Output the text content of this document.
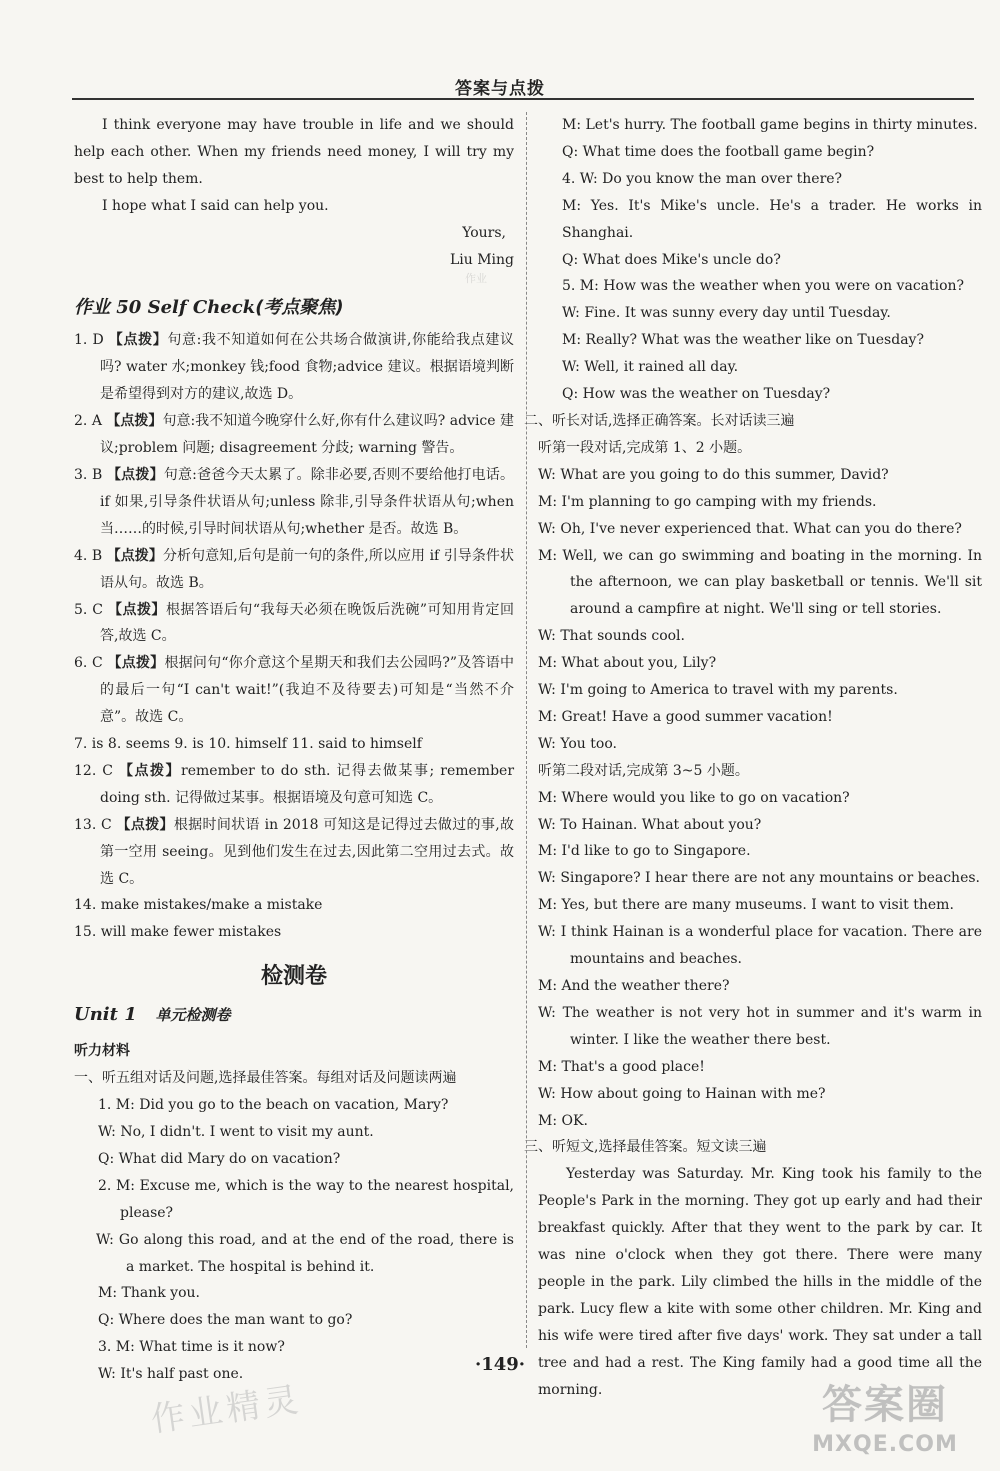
答案与点拨

I think everyone may have trouble in life and we should help each other. When my friends need money, I will try my best to help them.

I hope what I said can help you.

Yours,

Liu Ming

作业 50 Self Check(考点聚焦)

1. D 【点拨】句意:我不知道如何在公共场合做演讲,你能给我点建议吗? water 水;monkey 钱;food 食物;advice 建议。根据语境判断是希望得到对方的建议,故选 D。

2. A 【点拨】句意:我不知道今晚穿什么好,你有什么建议吗? advice 建议;problem 问题; disagreement 分歧; warning 警告。

3. B 【点拨】句意:爸爸今天太累了。除非必要,否则不要给他打电话。if 如果,引导条件状语从句;unless 除非,引导条件状语从句;when 当……的时候,引导时间状语从句;whether 是否。故选 B。

4. B 【点拨】分析句意知,后句是前一句的条件,所以应用 if 引导条件状语从句。故选 B。

5. C 【点拨】根据答语后句“我每天必须在晚饭后洗碗”可知用肯定回答,故选 C。

6. C 【点拨】根据问句“你介意这个星期天和我们去公园吗?”及答语中的最后一句“I can't wait!”(我迫不及待要去)可知是“当然不介意”。故选 C。

7. is 8. seems 9. is 10. himself 11. said to himself

12. C 【点拨】remember to do sth. 记得去做某事; remember doing sth. 记得做过某事。根据语境及句意可知选 C。

13. C 【点拨】根据时间状语 in 2018 可知这是记得过去做过的事,故第一空用 seeing。见到他们发生在过去,因此第二空用过去式。故选 C。

14. make mistakes/make a mistake

15. will make fewer mistakes

检测卷
Unit 1 单元检测卷

听力材料

一、听五组对话及问题,选择最佳答案。每组对话及问题读两遍

1. M: Did you go to the beach on vacation, Mary?

W: No, I didn't. I went to visit my aunt.

Q: What did Mary do on vacation?

2. M: Excuse me, which is the way to the nearest hospital, please?

W: Go along this road, and at the end of the road, there is a market. The hospital is behind it.

M: Thank you.

Q: Where does the man want to go?

3. M: What time is it now?

W: It's half past one.

M: Let's hurry. The football game begins in thirty minutes.

Q: What time does the football game begin?

4. W: Do you know the man over there?

M: Yes. It's Mike's uncle. He's a trader. He works in Shanghai.

Q: What does Mike's uncle do?

5. M: How was the weather when you were on vacation?

W: Fine. It was sunny every day until Tuesday.

M: Really? What was the weather like on Tuesday?

W: Well, it rained all day.

Q: How was the weather on Tuesday?

二、听长对话,选择正确答案。长对话读三遍

听第一段对话,完成第 1、2 小题。

W: What are you going to do this summer, David?

M: I'm planning to go camping with my friends.

W: Oh, I've never experienced that. What can you do there?

M: Well, we can go swimming and boating in the morning. In the afternoon, we can play basketball or tennis. We'll sit around a campfire at night. We'll sing or tell stories.

W: That sounds cool.

M: What about you, Lily?

W: I'm going to America to travel with my parents.

M: Great! Have a good summer vacation!

W: You too.

听第二段对话,完成第 3~5 小题。

M: Where would you like to go on vacation?

W: To Hainan. What about you?

M: I'd like to go to Singapore.

W: Singapore? I hear there are not any mountains or beaches.

M: Yes, but there are many museums. I want to visit them.

W: I think Hainan is a wonderful place for vacation. There are mountains and beaches.

M: And the weather there?

W: The weather is not very hot in summer and it's warm in winter. I like the weather there best.

M: That's a good place!

W: How about going to Hainan with me?

M: OK.

三、听短文,选择最佳答案。短文读三遍

Yesterday was Saturday. Mr. King took his family to the People's Park in the morning. They got up early and had their breakfast quickly. After that they went to the park by car. It was nine o'clock when they got there. There were many people in the park. Lily climbed the hills in the middle of the park. Lucy flew a kite with some other children. Mr. King and his wife were tired after five days' work. They sat under a tall tree and had a rest. The King family had a good time all the morning.

·149·
作业
作业精灵	答案圈
MXQE.COM
